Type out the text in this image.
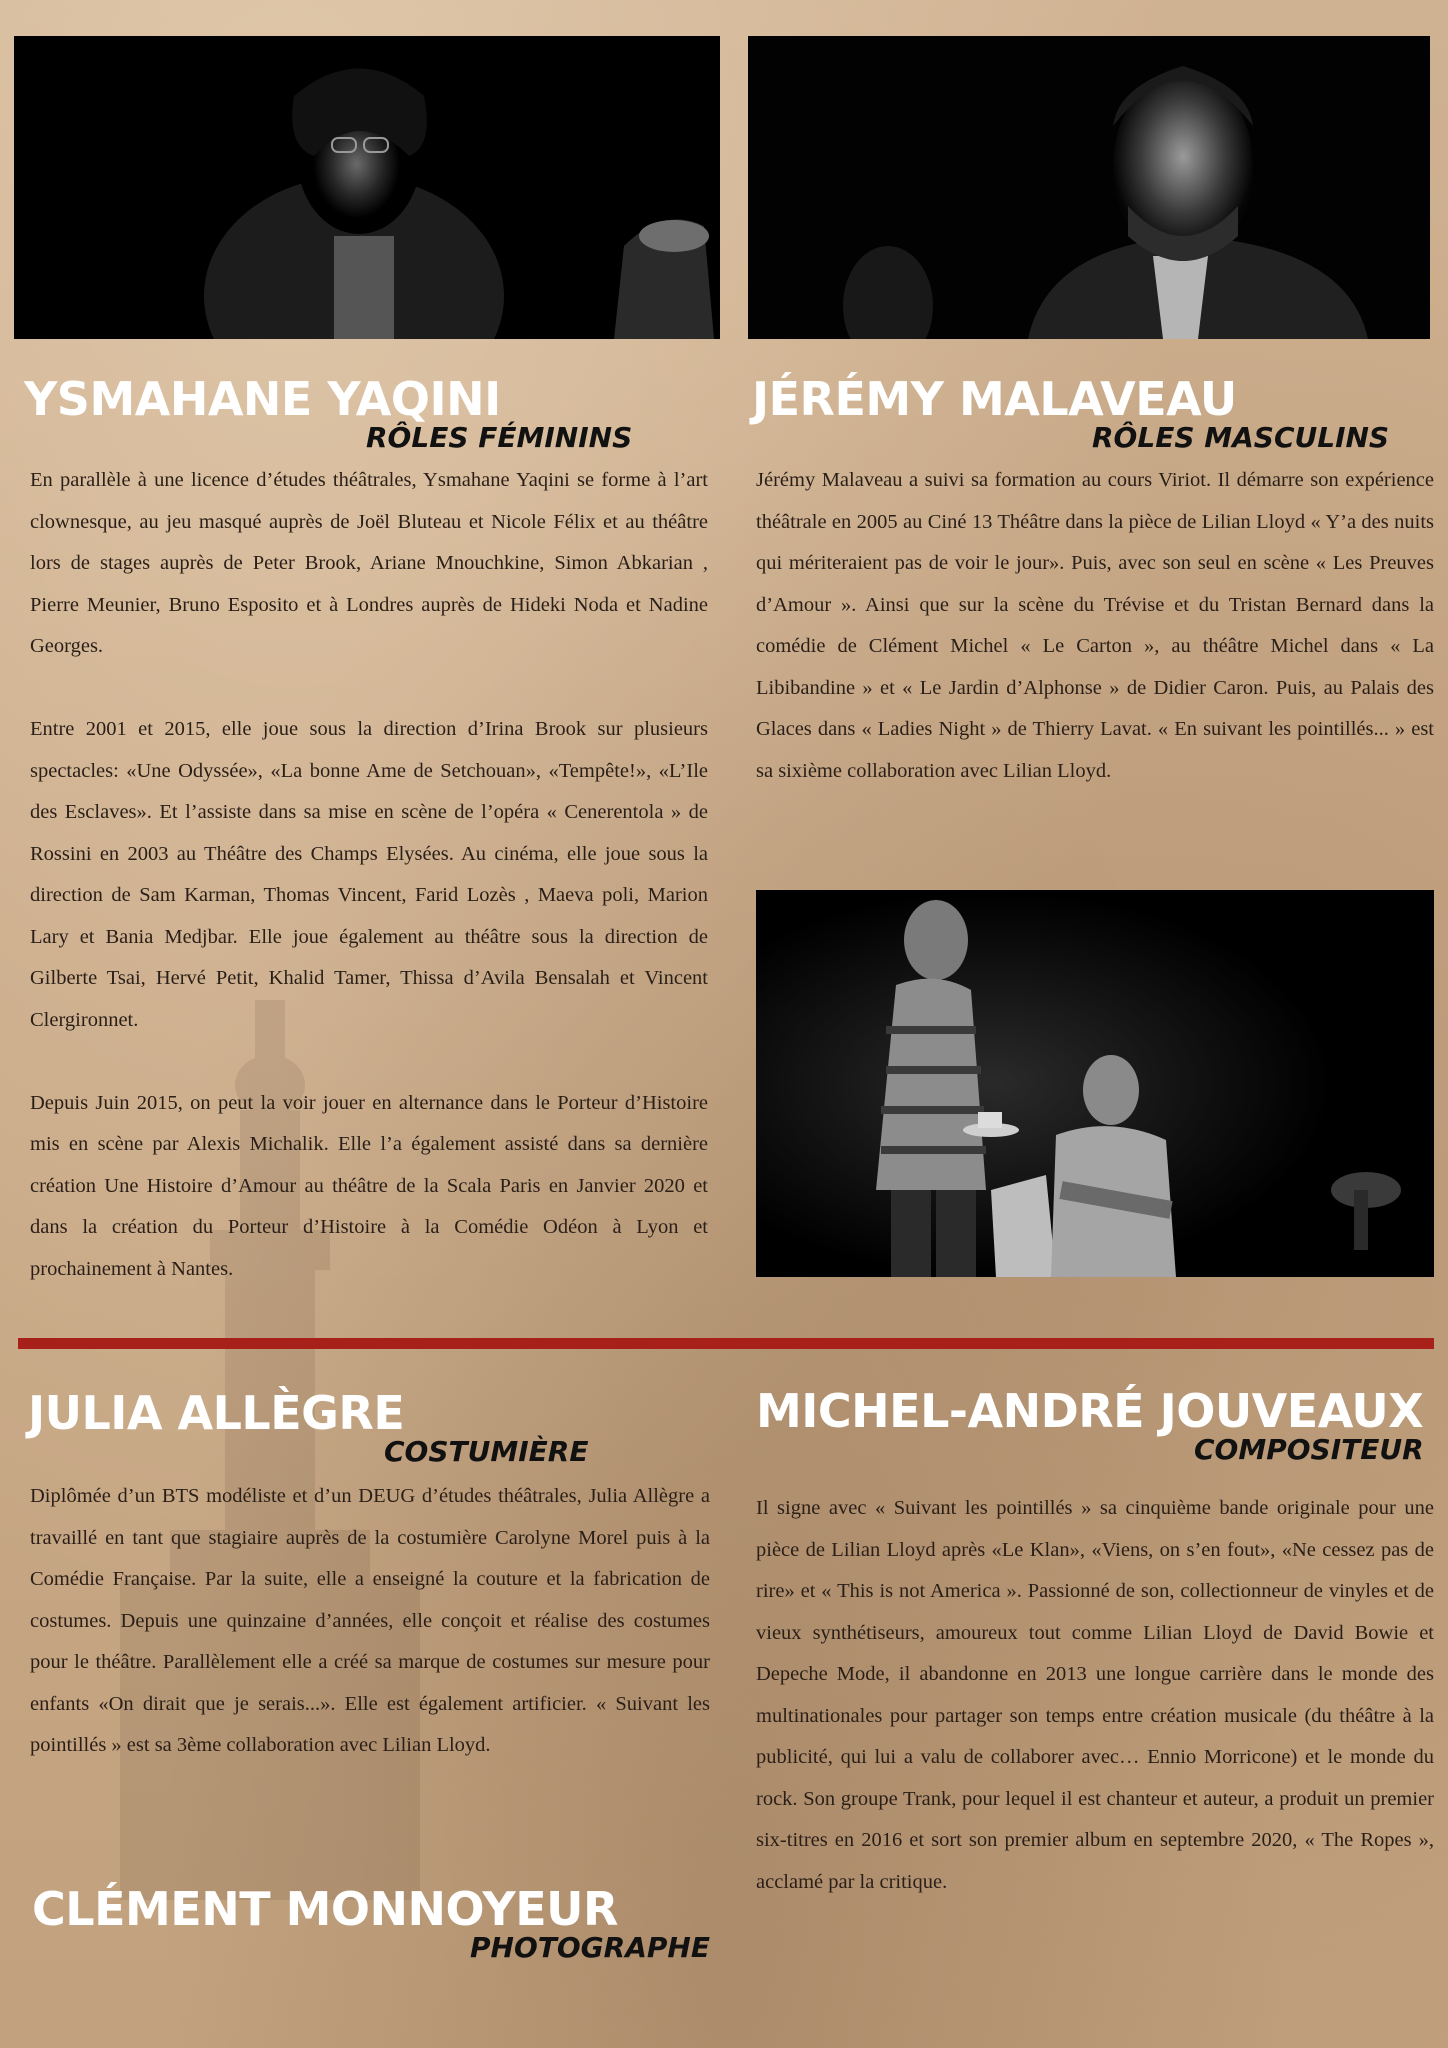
YSMAHANE YAQINI
RÔLES FÉMININS

En parallèle à une licence d’études théâtrales, Ysmahane Yaqini se forme à l’art clownesque, au jeu masqué auprès de Joël Bluteau et Nicole Félix et au théâtre lors de stages auprès de Peter Brook, Ariane Mnouchkine, Simon Abkarian , Pierre Meunier, Bruno Esposito et à Londres auprès de Hideki Noda et Nadine Georges.

Entre 2001 et 2015, elle joue sous la direction d’Irina Brook sur plusieurs spectacles: «Une Odyssée», «La bonne Ame de Setchouan», «Tempête!», «L’Ile des Esclaves». Et l’assiste dans sa mise en scène de l’opéra « Cenerentola » de Rossini en 2003 au Théâtre des Champs Elysées. Au cinéma, elle joue sous la direction de Sam Karman, Thomas Vincent, Farid Lozès , Maeva poli, Marion Lary et Bania Medjbar. Elle joue également au théâtre sous la direction de Gilberte Tsai, Hervé Petit, Khalid Tamer, Thissa d’Avila Bensalah et Vincent Clergironnet.

Depuis Juin 2015, on peut la voir jouer en alternance dans le Porteur d’Histoire mis en scène par Alexis Michalik. Elle l’a également assisté dans sa dernière création Une Histoire d’Amour au théâtre de la Scala Paris en Janvier 2020 et dans la création du Porteur d’Histoire à la Comédie Odéon à Lyon et prochainement à Nantes.

JÉRÉMY MALAVEAU
RÔLES MASCULINS

Jérémy Malaveau a suivi sa formation au cours Viriot. Il démarre son expérience théâtrale en 2005 au Ciné 13 Théâtre dans la pièce de Lilian Lloyd « Y’a des nuits qui mériteraient pas de voir le jour». Puis, avec son seul en scène « Les Preuves d’Amour ». Ainsi que sur la scène du Trévise et du Tristan Bernard dans la comédie de Clément Michel « Le Carton », au théâtre Michel dans « La Libibandine » et « Le Jardin d’Alphonse » de Didier Caron. Puis, au Palais des Glaces dans « Ladies Night » de Thierry Lavat. « En suivant les pointillés... » est sa sixième collaboration avec Lilian Lloyd.

JULIA ALLÈGRE
COSTUMIÈRE

Diplômée d’un BTS modéliste et d’un DEUG d’études théâtrales, Julia Allègre a travaillé en tant que stagiaire auprès de la costumière Carolyne Morel puis à la Comédie Française. Par la suite, elle a enseigné la couture et la fabrication de costumes. Depuis une quinzaine d’années, elle conçoit et réalise des costumes pour le théâtre. Parallèlement elle a créé sa marque de costumes sur mesure pour enfants «On dirait que je serais...». Elle est également artificier. « Suivant les pointillés » est sa 3ème collaboration avec Lilian Lloyd.

MICHEL-ANDRÉ JOUVEAUX
COMPOSITEUR

Il signe avec « Suivant les pointillés » sa cinquième bande originale pour une pièce de Lilian Lloyd après «Le Klan», «Viens, on s’en fout», «Ne cessez pas de rire» et « This is not America ». Passionné de son, collectionneur de vinyles et de vieux synthétiseurs, amoureux tout comme Lilian Lloyd de David Bowie et Depeche Mode, il abandonne en 2013 une longue carrière dans le monde des multinationales pour partager son temps entre création musicale (du théâtre à la publicité, qui lui a valu de collaborer avec… Ennio Morricone) et le monde du rock. Son groupe Trank, pour lequel il est chanteur et auteur, a produit un premier six-titres en 2016 et sort son premier album en septembre 2020, « The Ropes », acclamé par la critique.

CLÉMENT MONNOYEUR
PHOTOGRAPHE
